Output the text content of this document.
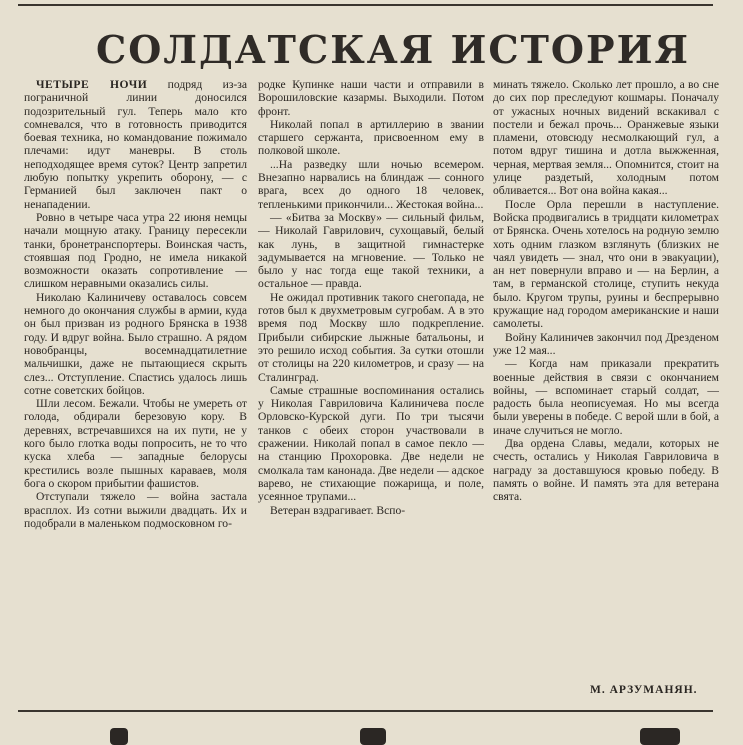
СОЛДАТСКАЯ ИСТОРИЯ

ЧЕТЫРЕ НОЧИ подряд из-за пограничной линии доносился подозрительный гул. Теперь мало кто сомневался, что в готовность приводится боевая техника, но командование пожимало плечами: идут маневры. В столь неподходящее время суток? Центр запретил любую попытку укрепить оборону, — с Германией был заключен пакт о ненападении.

Ровно в четыре часа утра 22 июня немцы начали мощную атаку. Границу пересекли танки, бронетранспортеры. Воинская часть, стоявшая под Гродно, не имела никакой возможности оказать сопротивление — слишком неравными оказались силы.

Николаю Калиничеву оставалось совсем немного до окончания службы в армии, куда он был призван из родного Брянска в 1938 году. И вдруг война. Было страшно. А рядом новобранцы, восемнадцатилетние мальчишки, даже не пытающиеся скрыть слез... Отступление. Спастись удалось лишь сотне советских бойцов.

Шли лесом. Бежали. Чтобы не умереть от голода, обдирали березовую кору. В деревнях, встречавшихся на их пути, не у кого было глотка воды попросить, не то что куска хлеба — западные белорусы крестились возле пышных караваев, моля бога о скором прибытии фашистов.

Отступали тяжело — война застала врасплох. Из сотни выжили двадцать. Их и подобрали в маленьком подмосковном го-

родке Купинке наши части и отправили в Ворошиловские казармы. Выходили. Потом фронт.

Николай попал в артиллерию в звании старшего сержанта, присвоенном ему в полковой школе.

...На разведку шли ночью всемером. Внезапно нарвались на блиндаж — сонного врага, всех до одного 18 человек, тепленькими прикончили... Жестокая война...

— «Битва за Москву» — сильный фильм, — Николай Гаврилович, сухощавый, белый как лунь, в защитной гимнастерке задумывается на мгновение. — Только не было у нас тогда еще такой техники, а остальное — правда.

Не ожидал противник такого снегопада, не готов был к двухметровым сугробам. А в это время под Москву шло подкрепление. Прибыли сибирские лыжные батальоны, и это решило исход события. За сутки отошли от столицы на 220 километров, и сразу — на Сталинград.

Самые страшные воспоминания остались у Николая Гавриловича Калиничева после Орловско-Курской дуги. По три тысячи танков с обеих сторон участвовали в сражении. Николай попал в самое пекло — на станцию Прохоровка. Две недели не смолкала там канонада. Две недели — адское варево, не стихающие пожарища, и поле, усеянное трупами...

Ветеран вздрагивает. Вспо-

минать тяжело. Сколько лет прошло, а во сне до сих пор преследуют кошмары. Поначалу от ужасных ночных видений вскакивал с постели и бежал прочь... Оранжевые языки пламени, отовсюду несмолкающий гул, а потом вдруг тишина и дотла выжженная, черная, мертвая земля... Опомнится, стоит на улице раздетый, холодным потом обливается... Вот она война какая...

После Орла перешли в наступление. Войска продвигались в тридцати километрах от Брянска. Очень хотелось на родную землю хоть одним глазком взглянуть (близких не чаял увидеть — знал, что они в эвакуации), ан нет повернули вправо и — на Берлин, а там, в германской столице, ступить некуда было. Кругом трупы, руины и беспрерывно кружащие над городом американские и наши самолеты.

Войну Калиничев закончил под Дрезденом уже 12 мая...

— Когда нам приказали прекратить военные действия в связи с окончанием войны, — вспоминает старый солдат, — радость была неописуемая. Но мы всегда были уверены в победе. С верой шли в бой, а иначе случиться не могло.

Два ордена Славы, медали, которых не счесть, остались у Николая Гавриловича в награду за доставшуюся кровью победу. В память о войне. И память эта для ветерана свята.

М. АРЗУМАНЯН.
